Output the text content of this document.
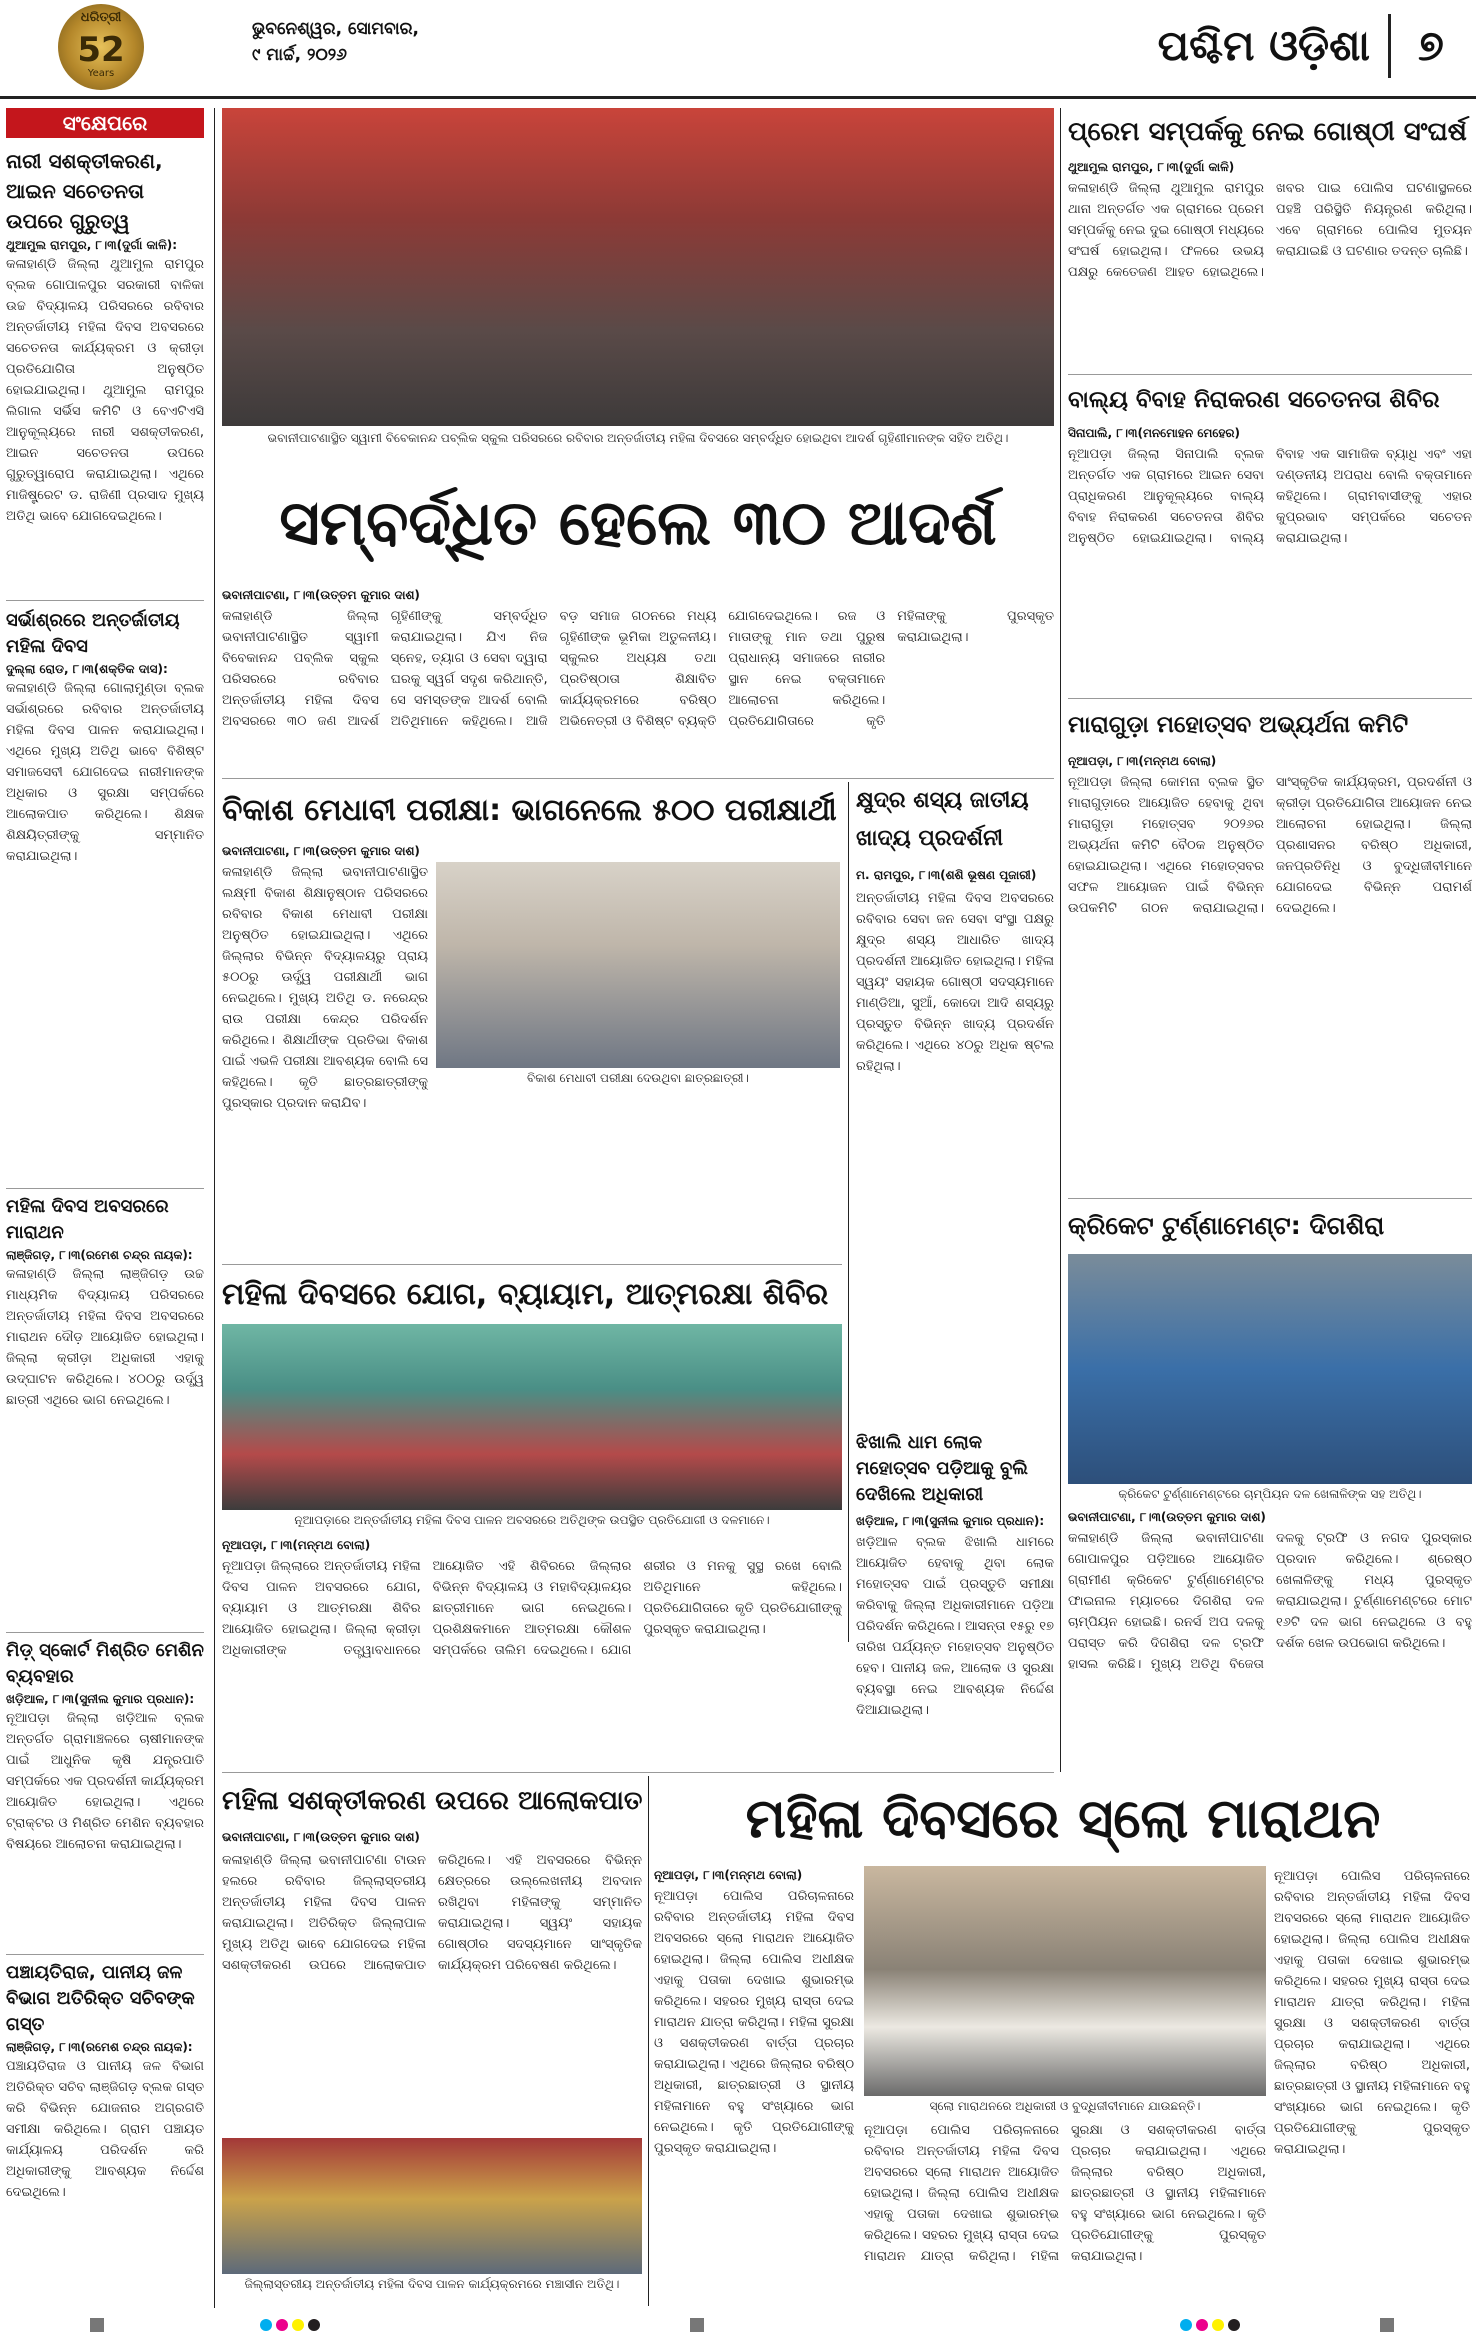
ଧରିତ୍ରୀ
52
Years
ଭୁବନେଶ୍ୱର, ସୋମବାର,
୯ ମାର୍ଚ୍ଚ, ୨୦୨୬	ପଶ୍ଚିମ ଓଡ଼ିଶା	୭
ସଂକ୍ଷେପରେ
ନାରୀ ସଶକ୍ତୀକରଣ, ଆଇନ ସଚେତନତା ଉପରେ ଗୁରୁତ୍ୱ
ଥୁଆମୁଲ ରାମପୁର, ୮।୩(ଦୁର୍ଗା କାଳି):
କଳାହାଣ୍ଡି ଜିଲ୍ଲା ଥୁଆମୁଲ ରାମପୁର ବ୍ଲକ ଗୋପାଳପୁର ସରକାରୀ ବାଳିକା ଉଚ୍ଚ ବିଦ୍ୟାଳୟ ପରିସରରେ ରବିବାର ଅନ୍ତର୍ଜାତୀୟ ମହିଳା ଦିବସ ଅବସରରେ ସଚେତନତା କାର୍ଯ୍ୟକ୍ରମ ଓ କ୍ରୀଡ଼ା ପ୍ରତିଯୋଗିତା ଅନୁଷ୍ଠିତ ହୋଇଯାଇଥିଲା। ଥୁଆମୁଲ ରାମପୁର ଲିଗାଲ ସର୍ଭିସ କମିଟି ଓ ବେଏଟିଏସି ଆନୁକୂଲ୍ୟରେ ନାରୀ ସଶକ୍ତୀକରଣ, ଆଇନ ସଚେତନତା ଉପରେ ଗୁରୁତ୍ୱାରୋପ କରାଯାଇଥିଲା। ଏଥିରେ ମାଜିଷ୍ଟ୍ରେଟ ଡ. ରାଜିଣୀ ପ୍ରସାଦ ମୁଖ୍ୟ ଅତିଥି ଭାବେ ଯୋଗଦେଇଥିଲେ।
ସର୍ଭାଶ୍ରରେ ଅନ୍ତର୍ଜାତୀୟ ମହିଳା ଦିବସ
ଦୁଲ୍ଲା ରୋଡ, ୮।୩(ଶକ୍ତିକ ଦାସ):
କଳାହାଣ୍ଡି ଜିଲ୍ଲା ଗୋଲାମୁଣ୍ଡା ବ୍ଲକ ସର୍ଭାଶ୍ରରେ ରବିବାର ଅନ୍ତର୍ଜାତୀୟ ମହିଳା ଦିବସ ପାଳନ କରାଯାଇଥିଲା। ଏଥିରେ ମୁଖ୍ୟ ଅତିଥି ଭାବେ ବିଶିଷ୍ଟ ସମାଜସେବୀ ଯୋଗଦେଇ ନାରୀମାନଙ୍କ ଅଧିକାର ଓ ସୁରକ୍ଷା ସମ୍ପର୍କରେ ଆଲୋକପାତ କରିଥିଲେ। ଶିକ୍ଷକ ଶିକ୍ଷୟିତ୍ରୀଙ୍କୁ ସମ୍ମାନିତ କରାଯାଇଥିଲା।
ମହିଳା ଦିବସ ଅବସରରେ ମାରାଥନ
ଲାଞ୍ଜିଗଡ଼, ୮।୩(ରମେଶ ଚନ୍ଦ୍ର ନାୟକ):
କଳାହାଣ୍ଡି ଜିଲ୍ଲା ଲାଞ୍ଜିଗଡ଼ ଉଚ୍ଚ ମାଧ୍ୟମିକ ବିଦ୍ୟାଳୟ ପରିସରରେ ଅନ୍ତର୍ଜାତୀୟ ମହିଳା ଦିବସ ଅବସରରେ ମାରାଥନ ଦୌଡ଼ ଆୟୋଜିତ ହୋଇଥିଲା। ଜିଲ୍ଲା କ୍ରୀଡ଼ା ଅଧିକାରୀ ଏହାକୁ ଉଦ୍‌ଘାଟନ କରିଥିଲେ। ୪୦୦ରୁ ଉର୍ଦ୍ଧ୍ୱ ଛାତ୍ରୀ ଏଥିରେ ଭାଗ ନେଇଥିଲେ।
ମିଡ଼୍‌ ସ୍କୋର୍ଟ ମିଶ୍ରିତ ମେଶିନ ବ୍ୟବହାର
ଖଡ଼ିଆଳ, ୮।୩(ସୁନୀଲ କୁମାର ପ୍ରଧାନ):
ନୂଆପଡ଼ା ଜିଲ୍ଲା ଖଡ଼ିଆଳ ବ୍ଲକ ଅନ୍ତର୍ଗତ ଗ୍ରାମାଞ୍ଚଳରେ ଚାଷୀମାନଙ୍କ ପାଇଁ ଆଧୁନିକ କୃଷି ଯନ୍ତ୍ରପାତି ସମ୍ପର୍କରେ ଏକ ପ୍ରଦର୍ଶନୀ କାର୍ଯ୍ୟକ୍ରମ ଆୟୋଜିତ ହୋଇଥିଲା। ଏଥିରେ ଟ୍ରାକ୍ଟର ଓ ମିଶ୍ରିତ ମେଶିନ ବ୍ୟବହାର ବିଷୟରେ ଆଲୋଚନା କରାଯାଇଥିଲା।
ପଞ୍ଚାୟତିରାଜ, ପାନୀୟ ଜଳ ବିଭାଗ ଅତିରିକ୍ତ ସଚିବଙ୍କ ଗସ୍ତ
ଲାଞ୍ଜିଗଡ଼, ୮।୩(ରମେଶ ଚନ୍ଦ୍ର ନାୟକ):
ପଞ୍ଚାୟତିରାଜ ଓ ପାନୀୟ ଜଳ ବିଭାଗ ଅତିରିକ୍ତ ସଚିବ ଲାଞ୍ଜିଗଡ଼ ବ୍ଲକ ଗସ୍ତ କରି ବିଭିନ୍ନ ଯୋଜନାର ଅଗ୍ରଗତି ସମୀକ୍ଷା କରିଥିଲେ। ଗ୍ରାମ ପଞ୍ଚାୟତ କାର୍ଯ୍ୟାଳୟ ପରିଦର୍ଶନ କରି ଅଧିକାରୀଙ୍କୁ ଆବଶ୍ୟକ ନିର୍ଦ୍ଦେଶ ଦେଇଥିଲେ।
ଭବାନୀପାଟଣାସ୍ଥିତ ସ୍ୱାମୀ ବିବେକାନନ୍ଦ ପବ୍ଲିକ ସ୍କୁଲ ପରିସରରେ ରବିବାର ଅନ୍ତର୍ଜାତୀୟ ମହିଳା ଦିବସରେ ସମ୍ବର୍ଦ୍ଧିତ ହୋଇଥିବା ଆଦର୍ଶ ଗୃହିଣୀମାନଙ୍କ ସହିତ ଅତିଥି।
ସମ୍ବର୍ଦ୍ଧିତ ହେଲେ ୩୦ ଆଦର୍ଶ
ଭବାନୀପାଟଣା, ୮।୩(ଉତ୍ତମ କୁମାର ଦାଶ)
କଳାହାଣ୍ଡି ଜିଲ୍ଲା ଭବାନୀପାଟଣାସ୍ଥିତ ସ୍ୱାମୀ ବିବେକାନନ୍ଦ ପବ୍ଲିକ ସ୍କୁଲ ପରିସରରେ ରବିବାର ଅନ୍ତର୍ଜାତୀୟ ମହିଳା ଦିବସ ଅବସରରେ ୩୦ ଜଣ ଆଦର୍ଶ ଗୃହିଣୀଙ୍କୁ ସମ୍ବର୍ଦ୍ଧିତ କରାଯାଇଥିଲା। ଯିଏ ନିଜ ସ୍ନେହ, ତ୍ୟାଗ ଓ ସେବା ଦ୍ୱାରା ଘରକୁ ସ୍ୱର୍ଗ ସଦୃଶ କରିଥାନ୍ତି, ସେ ସମସ୍ତଙ୍କ ଆଦର୍ଶ ବୋଲି ଅତିଥିମାନେ କହିଥିଲେ। ଆଜି ବଡ଼ ସମାଜ ଗଠନରେ ମଧ୍ୟ ଗୃହିଣୀଙ୍କ ଭୂମିକା ଅତୁଳନୀୟ। ସ୍କୁଲର ଅଧ୍ୟକ୍ଷ ତଥା ପ୍ରତିଷ୍ଠାତା ଶିକ୍ଷାବିତ କାର୍ଯ୍ୟକ୍ରମରେ ବରିଷ୍ଠ ଅଭିନେତ୍ରୀ ଓ ବିଶିଷ୍ଟ ବ୍ୟକ୍ତି ଯୋଗଦେଇଥିଲେ। ରଜ ଓ ମାତାଙ୍କୁ ମାନ ତଥା ପୁରୁଷ ପ୍ରାଧାନ୍ୟ ସମାଜରେ ନାରୀର ସ୍ଥାନ ନେଇ ବକ୍ତାମାନେ ଆଲୋଚନା କରିଥିଲେ। ପ୍ରତିଯୋଗିତାରେ କୃତି ମହିଳାଙ୍କୁ ପୁରସ୍କୃତ କରାଯାଇଥିଲା।
ବିକାଶ ମେଧାବୀ ପରୀକ୍ଷା: ଭାଗନେଲେ ୫୦୦ ପରୀକ୍ଷାର୍ଥୀ
ଭବାନୀପାଟଣା, ୮।୩(ଉତ୍ତମ କୁମାର ଦାଶ)
ବିକାଶ ମେଧାବୀ ପରୀକ୍ଷା ଦେଉଥିବା ଛାତ୍ରଛାତ୍ରୀ।
କଳାହାଣ୍ଡି ଜିଲ୍ଲା ଭବାନୀପାଟଣାସ୍ଥିତ ଲକ୍ଷ୍ମୀ ବିକାଶ ଶିକ୍ଷାନୁଷ୍ଠାନ ପରିସରରେ ରବିବାର ବିକାଶ ମେଧାବୀ ପରୀକ୍ଷା ଅନୁଷ୍ଠିତ ହୋଇଯାଇଥିଲା। ଏଥିରେ ଜିଲ୍ଲାର ବିଭିନ୍ନ ବିଦ୍ୟାଳୟରୁ ପ୍ରାୟ ୫୦୦ରୁ ଊର୍ଦ୍ଧ୍ୱ ପରୀକ୍ଷାର୍ଥୀ ଭାଗ ନେଇଥିଲେ। ମୁଖ୍ୟ ଅତିଥି ଡ. ନରେନ୍ଦ୍ର ରାଉ ପରୀକ୍ଷା କେନ୍ଦ୍ର ପରିଦର୍ଶନ କରିଥିଲେ। ଶିକ୍ଷାର୍ଥୀଙ୍କ ପ୍ରତିଭା ବିକାଶ ପାଇଁ ଏଭଳି ପରୀକ୍ଷା ଆବଶ୍ୟକ ବୋଲି ସେ କହିଥିଲେ। କୃତି ଛାତ୍ରଛାତ୍ରୀଙ୍କୁ ପୁରସ୍କାର ପ୍ରଦାନ କରାଯିବ।
କ୍ଷୁଦ୍ର ଶସ୍ୟ ଜାତୀୟ ଖାଦ୍ୟ ପ୍ରଦର୍ଶନୀ
ମ. ରାମପୁର, ୮।୩(ଶଶି ଭୂଷଣ ପୂଜାରୀ)
ଅନ୍ତର୍ଜାତୀୟ ମହିଳା ଦିବସ ଅବସରରେ ରବିବାର ସେବା ଜନ ସେବା ସଂସ୍ଥା ପକ୍ଷରୁ କ୍ଷୁଦ୍ର ଶସ୍ୟ ଆଧାରିତ ଖାଦ୍ୟ ପ୍ରଦର୍ଶନୀ ଆୟୋଜିତ ହୋଇଥିଲା। ମହିଳା ସ୍ୱୟଂ ସହାୟକ ଗୋଷ୍ଠୀ ସଦସ୍ୟମାନେ ମାଣ୍ଡିଆ, ସୁଆଁ, କୋଦୋ ଆଦି ଶସ୍ୟରୁ ପ୍ରସ୍ତୁତ ବିଭିନ୍ନ ଖାଦ୍ୟ ପ୍ରଦର୍ଶନ କରିଥିଲେ। ଏଥିରେ ୪୦ରୁ ଅଧିକ ଷ୍ଟଲ ରହିଥିଲା।
ଝିଖାଲି ଧାମ ଲୋକ ମହୋତ୍ସବ ପଡ଼ିଆକୁ ବୁଲି ଦେଖିଲେ ଅଧିକାରୀ
ଖଡ଼ିଆଳ, ୮।୩(ସୁନୀଲ କୁମାର ପ୍ରଧାନ):
ଖଡ଼ିଆଳ ବ୍ଲକ ଝିଖାଲି ଧାମରେ ଆୟୋଜିତ ହେବାକୁ ଥିବା ଲୋକ ମହୋତ୍ସବ ପାଇଁ ପ୍ରସ୍ତୁତି ସମୀକ୍ଷା କରିବାକୁ ଜିଲ୍ଲା ଅଧିକାରୀମାନେ ପଡ଼ିଆ ପରିଦର୍ଶନ କରିଥିଲେ। ଆସନ୍ତା ୧୫ରୁ ୧୭ ତାରିଖ ପର୍ଯ୍ୟନ୍ତ ମହୋତ୍ସବ ଅନୁଷ୍ଠିତ ହେବ। ପାନୀୟ ଜଳ, ଆଲୋକ ଓ ସୁରକ୍ଷା ବ୍ୟବସ୍ଥା ନେଇ ଆବଶ୍ୟକ ନିର୍ଦ୍ଦେଶ ଦିଆଯାଇଥିଲା।
ମହିଳା ଦିବସରେ ଯୋଗ, ବ୍ୟାୟାମ, ଆତ୍ମରକ୍ଷା ଶିବିର
ନୂଆପଡ଼ାରେ ଅନ୍ତର୍ଜାତୀୟ ମହିଳା ଦିବସ ପାଳନ ଅବସରରେ ଅତିଥିଙ୍କ ଉପସ୍ଥିତ ପ୍ରତିଯୋଗୀ ଓ ଦଳମାନେ।
ନୂଆପଡ଼ା, ୮।୩(ମନ୍ମଥ ବୋଲା)
ନୂଆପଡ଼ା ଜିଲ୍ଲାରେ ଅନ୍ତର୍ଜାତୀୟ ମହିଳା ଦିବସ ପାଳନ ଅବସରରେ ଯୋଗ, ବ୍ୟାୟାମ ଓ ଆତ୍ମରକ୍ଷା ଶିବିର ଆୟୋଜିତ ହୋଇଥିଲା। ଜିଲ୍ଲା କ୍ରୀଡ଼ା ଅଧିକାରୀଙ୍କ ତତ୍ତ୍ୱାବଧାନରେ ଆୟୋଜିତ ଏହି ଶିବିରରେ ଜିଲ୍ଲାର ବିଭିନ୍ନ ବିଦ୍ୟାଳୟ ଓ ମହାବିଦ୍ୟାଳୟର ଛାତ୍ରୀମାନେ ଭାଗ ନେଇଥିଲେ। ପ୍ରଶିକ୍ଷକମାନେ ଆତ୍ମରକ୍ଷା କୌଶଳ ସମ୍ପର୍କରେ ତାଲିମ ଦେଇଥିଲେ। ଯୋଗ ଶରୀର ଓ ମନକୁ ସୁସ୍ଥ ରଖେ ବୋଲି ଅତିଥିମାନେ କହିଥିଲେ। ପ୍ରତିଯୋଗିତାରେ କୃତି ପ୍ରତିଯୋଗୀଙ୍କୁ ପୁରସ୍କୃତ କରାଯାଇଥିଲା।
ମହିଳା ସଶକ୍ତୀକରଣ ଉପରେ ଆଲୋକପାତ
ଭବାନୀପାଟଣା, ୮।୩(ଉତ୍ତମ କୁମାର ଦାଶ)
କଳାହାଣ୍ଡି ଜିଲ୍ଲା ଭବାନୀପାଟଣା ଟାଉନ ହଲରେ ରବିବାର ଜିଲ୍ଲାସ୍ତରୀୟ ଅନ୍ତର୍ଜାତୀୟ ମହିଳା ଦିବସ ପାଳନ କରାଯାଇଥିଲା। ଅତିରିକ୍ତ ଜିଲ୍ଲାପାଳ ମୁଖ୍ୟ ଅତିଥି ଭାବେ ଯୋଗଦେଇ ମହିଳା ସଶକ୍ତୀକରଣ ଉପରେ ଆଲୋକପାତ କରିଥିଲେ। ଏହି ଅବସରରେ ବିଭିନ୍ନ କ୍ଷେତ୍ରରେ ଉଲ୍ଲେଖନୀୟ ଅବଦାନ ରଖିଥିବା ମହିଳାଙ୍କୁ ସମ୍ମାନିତ କରାଯାଇଥିଲା। ସ୍ୱୟଂ ସହାୟକ ଗୋଷ୍ଠୀର ସଦସ୍ୟମାନେ ସାଂସ୍କୃତିକ କାର୍ଯ୍ୟକ୍ରମ ପରିବେଷଣ କରିଥିଲେ।
ଜିଲ୍ଲାସ୍ତରୀୟ ଅନ୍ତର୍ଜାତୀୟ ମହିଳା ଦିବସ ପାଳନ କାର୍ଯ୍ୟକ୍ରମରେ ମଞ୍ଚାସୀନ ଅତିଥି।
ମହିଳା ଦିବସରେ ସ୍ଲୋ ମାରାଥନ
ନୂଆପଡ଼ା, ୮।୩(ମନ୍ମଥ ବୋଲା)
ନୂଆପଡ଼ା ପୋଲିସ ପରିଚାଳନାରେ ରବିବାର ଅନ୍ତର୍ଜାତୀୟ ମହିଳା ଦିବସ ଅବସରରେ ସ୍ଲୋ ମାରାଥନ ଆୟୋଜିତ ହୋଇଥିଲା। ଜିଲ୍ଲା ପୋଲିସ ଅଧୀକ୍ଷକ ଏହାକୁ ପତାକା ଦେଖାଇ ଶୁଭାରମ୍ଭ କରିଥିଲେ। ସହରର ମୁଖ୍ୟ ରାସ୍ତା ଦେଇ ମାରାଥନ ଯାତ୍ରା କରିଥିଲା। ମହିଳା ସୁରକ୍ଷା ଓ ସଶକ୍ତୀକରଣ ବାର୍ତ୍ତା ପ୍ରଚାର କରାଯାଇଥିଲା। ଏଥିରେ ଜିଲ୍ଲାର ବରିଷ୍ଠ ଅଧିକାରୀ, ଛାତ୍ରଛାତ୍ରୀ ଓ ସ୍ଥାନୀୟ ମହିଳାମାନେ ବହୁ ସଂଖ୍ୟାରେ ଭାଗ ନେଇଥିଲେ। କୃତି ପ୍ରତିଯୋଗୀଙ୍କୁ ପୁରସ୍କୃତ କରାଯାଇଥିଲା।
ସ୍ଲୋ ମାରାଥନରେ ଅଧିକାରୀ ଓ ବୁଦ୍ଧିଜୀବୀମାନେ ଯାଉଛନ୍ତି।
ନୂଆପଡ଼ା ପୋଲିସ ପରିଚାଳନାରେ ରବିବାର ଅନ୍ତର୍ଜାତୀୟ ମହିଳା ଦିବସ ଅବସରରେ ସ୍ଲୋ ମାରାଥନ ଆୟୋଜିତ ହୋଇଥିଲା। ଜିଲ୍ଲା ପୋଲିସ ଅଧୀକ୍ଷକ ଏହାକୁ ପତାକା ଦେଖାଇ ଶୁଭାରମ୍ଭ କରିଥିଲେ। ସହରର ମୁଖ୍ୟ ରାସ୍ତା ଦେଇ ମାରାଥନ ଯାତ୍ରା କରିଥିଲା। ମହିଳା ସୁରକ୍ଷା ଓ ସଶକ୍ତୀକରଣ ବାର୍ତ୍ତା ପ୍ରଚାର କରାଯାଇଥିଲା। ଏଥିରେ ଜିଲ୍ଲାର ବରିଷ୍ଠ ଅଧିକାରୀ, ଛାତ୍ରଛାତ୍ରୀ ଓ ସ୍ଥାନୀୟ ମହିଳାମାନେ ବହୁ ସଂଖ୍ୟାରେ ଭାଗ ନେଇଥିଲେ। କୃତି ପ୍ରତିଯୋଗୀଙ୍କୁ ପୁରସ୍କୃତ କରାଯାଇଥିଲା।
ନୂଆପଡ଼ା ପୋଲିସ ପରିଚାଳନାରେ ରବିବାର ଅନ୍ତର୍ଜାତୀୟ ମହିଳା ଦିବସ ଅବସରରେ ସ୍ଲୋ ମାରାଥନ ଆୟୋଜିତ ହୋଇଥିଲା। ଜିଲ୍ଲା ପୋଲିସ ଅଧୀକ୍ଷକ ଏହାକୁ ପତାକା ଦେଖାଇ ଶୁଭାରମ୍ଭ କରିଥିଲେ। ସହରର ମୁଖ୍ୟ ରାସ୍ତା ଦେଇ ମାରାଥନ ଯାତ୍ରା କରିଥିଲା। ମହିଳା ସୁରକ୍ଷା ଓ ସଶକ୍ତୀକରଣ ବାର୍ତ୍ତା ପ୍ରଚାର କରାଯାଇଥିଲା। ଏଥିରେ ଜିଲ୍ଲାର ବରିଷ୍ଠ ଅଧିକାରୀ, ଛାତ୍ରଛାତ୍ରୀ ଓ ସ୍ଥାନୀୟ ମହିଳାମାନେ ବହୁ ସଂଖ୍ୟାରେ ଭାଗ ନେଇଥିଲେ। କୃତି ପ୍ରତିଯୋଗୀଙ୍କୁ ପୁରସ୍କୃତ କରାଯାଇଥିଲା।
ପ୍ରେମ ସମ୍ପର୍କକୁ ନେଇ ଗୋଷ୍ଠୀ ସଂଘର୍ଷ
ଥୁଆମୁଲ ରାମପୁର, ୮।୩(ଦୁର୍ଗା କାଳି)
କଳାହାଣ୍ଡି ଜିଲ୍ଲା ଥୁଆମୁଲ ରାମପୁର ଥାନା ଅନ୍ତର୍ଗତ ଏକ ଗ୍ରାମରେ ପ୍ରେମ ସମ୍ପର୍କକୁ ନେଇ ଦୁଇ ଗୋଷ୍ଠୀ ମଧ୍ୟରେ ସଂଘର୍ଷ ହୋଇଥିଲା। ଫଳରେ ଉଭୟ ପକ୍ଷରୁ କେତେଜଣ ଆହତ ହୋଇଥିଲେ। ଖବର ପାଇ ପୋଲିସ ଘଟଣାସ୍ଥଳରେ ପହଞ୍ଚି ପରିସ୍ଥିତି ନିୟନ୍ତ୍ରଣ କରିଥିଲା। ଏବେ ଗ୍ରାମରେ ପୋଲିସ ମୁତୟନ କରାଯାଇଛି ଓ ଘଟଣାର ତଦନ୍ତ ଚାଲିଛି।
ବାଲ୍ୟ ବିବାହ ନିରାକରଣ ସଚେତନତା ଶିବିର
ସିନାପାଲି, ୮।୩(ମନମୋହନ ମେହେର)
ନୂଆପଡ଼ା ଜିଲ୍ଲା ସିନାପାଲି ବ୍ଲକ ଅନ୍ତର୍ଗତ ଏକ ଗ୍ରାମରେ ଆଇନ ସେବା ପ୍ରାଧିକରଣ ଆନୁକୂଲ୍ୟରେ ବାଲ୍ୟ ବିବାହ ନିରାକରଣ ସଚେତନତା ଶିବିର ଅନୁଷ୍ଠିତ ହୋଇଯାଇଥିଲା। ବାଲ୍ୟ ବିବାହ ଏକ ସାମାଜିକ ବ୍ୟାଧି ଏବଂ ଏହା ଦଣ୍ଡନୀୟ ଅପରାଧ ବୋଲି ବକ୍ତାମାନେ କହିଥିଲେ। ଗ୍ରାମବାସୀଙ୍କୁ ଏହାର କୁପ୍ରଭାବ ସମ୍ପର୍କରେ ସଚେତନ କରାଯାଇଥିଲା।
ମାରାଗୁଡ଼ା ମହୋତ୍ସବ ଅଭ୍ୟର୍ଥନା କମିଟି
ନୂଆପଡ଼ା, ୮।୩(ମନ୍ମଥ ବୋଲା)
ନୂଆପଡ଼ା ଜିଲ୍ଲା କୋମନା ବ୍ଲକ ସ୍ଥିତ ମାରାଗୁଡ଼ାରେ ଆୟୋଜିତ ହେବାକୁ ଥିବା ମାରାଗୁଡ଼ା ମହୋତ୍ସବ ୨୦୨୬ର ଅଭ୍ୟର୍ଥନା କମିଟି ବୈଠକ ଅନୁଷ୍ଠିତ ହୋଇଯାଇଥିଲା। ଏଥିରେ ମହୋତ୍ସବର ସଫଳ ଆୟୋଜନ ପାଇଁ ବିଭିନ୍ନ ଉପକମିଟି ଗଠନ କରାଯାଇଥିଲା। ସାଂସ୍କୃତିକ କାର୍ଯ୍ୟକ୍ରମ, ପ୍ରଦର୍ଶନୀ ଓ କ୍ରୀଡ଼ା ପ୍ରତିଯୋଗିତା ଆୟୋଜନ ନେଇ ଆଲୋଚନା ହୋଇଥିଲା। ଜିଲ୍ଲା ପ୍ରଶାସନର ବରିଷ୍ଠ ଅଧିକାରୀ, ଜନପ୍ରତିନିଧି ଓ ବୁଦ୍ଧିଜୀବୀମାନେ ଯୋଗଦେଇ ବିଭିନ୍ନ ପରାମର୍ଶ ଦେଇଥିଲେ।
କ୍ରିକେଟ ଟୁର୍ଣ୍ଣାମେଣ୍ଟ: ଦିଗଶିରା
କ୍ରିକେଟ ଟୁର୍ଣ୍ଣାମେଣ୍ଟରେ ଚାମ୍ପିୟନ ଦଳ ଖେଳାଳିଙ୍କ ସହ ଅତିଥି।
ଭବାନୀପାଟଣା, ୮।୩(ଉତ୍ତମ କୁମାର ଦାଶ)
କଳାହାଣ୍ଡି ଜିଲ୍ଲା ଭବାନୀପାଟଣା ଗୋପାଳପୁର ପଡ଼ିଆରେ ଆୟୋଜିତ ଗ୍ରାମୀଣ କ୍ରିକେଟ ଟୁର୍ଣ୍ଣାମେଣ୍ଟର ଫାଇନାଲ ମ୍ୟାଚରେ ଦିଗଶିରା ଦଳ ଚାମ୍ପିୟନ ହୋଇଛି। ରନର୍ସ ଅପ ଦଳକୁ ପରାସ୍ତ କରି ଦିଗଶିରା ଦଳ ଟ୍ରଫି ହାସଲ କରିଛି। ମୁଖ୍ୟ ଅତିଥି ବିଜେତା ଦଳକୁ ଟ୍ରଫି ଓ ନଗଦ ପୁରସ୍କାର ପ୍ରଦାନ କରିଥିଲେ। ଶ୍ରେଷ୍ଠ ଖେଳାଳିଙ୍କୁ ମଧ୍ୟ ପୁରସ୍କୃତ କରାଯାଇଥିଲା। ଟୁର୍ଣ୍ଣାମେଣ୍ଟରେ ମୋଟ ୧୬ଟି ଦଳ ଭାଗ ନେଇଥିଲେ ଓ ବହୁ ଦର୍ଶକ ଖେଳ ଉପଭୋଗ କରିଥିଲେ।
